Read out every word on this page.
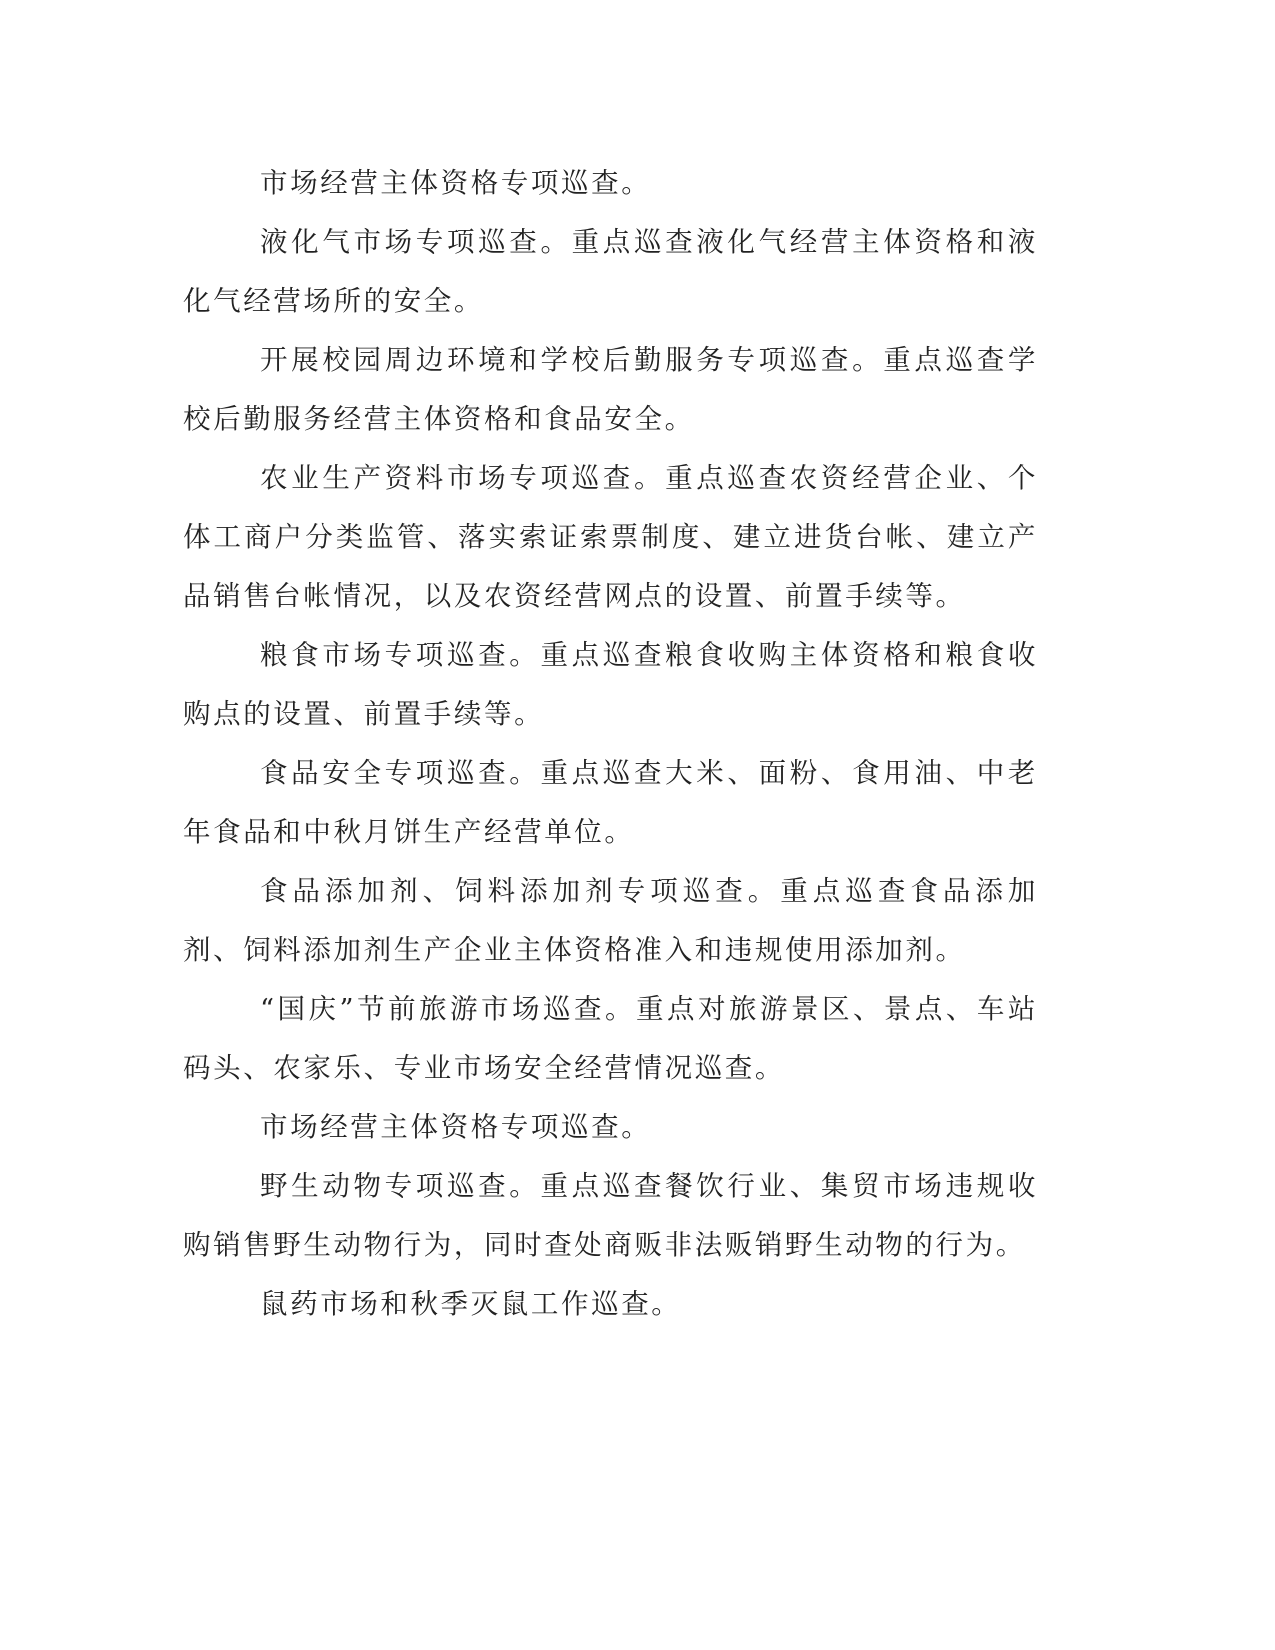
市场经营主体资格专项巡查。

液化气市场专项巡查。重点巡查液化气经营主体资格和液化气经营场所的安全。

开展校园周边环境和学校后勤服务专项巡查。重点巡查学校后勤服务经营主体资格和食品安全。

农业生产资料市场专项巡查。重点巡查农资经营企业、个体工商户分类监管、落实索证索票制度、建立进货台帐、建立产品销售台帐情况，以及农资经营网点的设置、前置手续等。

粮食市场专项巡查。重点巡查粮食收购主体资格和粮食收购点的设置、前置手续等。

食品安全专项巡查。重点巡查大米、面粉、食用油、中老年食品和中秋月饼生产经营单位。

食品添加剂、饲料添加剂专项巡查。重点巡查食品添加剂、饲料添加剂生产企业主体资格准入和违规使用添加剂。

“国庆”节前旅游市场巡查。重点对旅游景区、景点、车站码头、农家乐、专业市场安全经营情况巡查。

市场经营主体资格专项巡查。

野生动物专项巡查。重点巡查餐饮行业、集贸市场违规收购销售野生动物行为，同时查处商贩非法贩销野生动物的行为。

鼠药市场和秋季灭鼠工作巡查。
